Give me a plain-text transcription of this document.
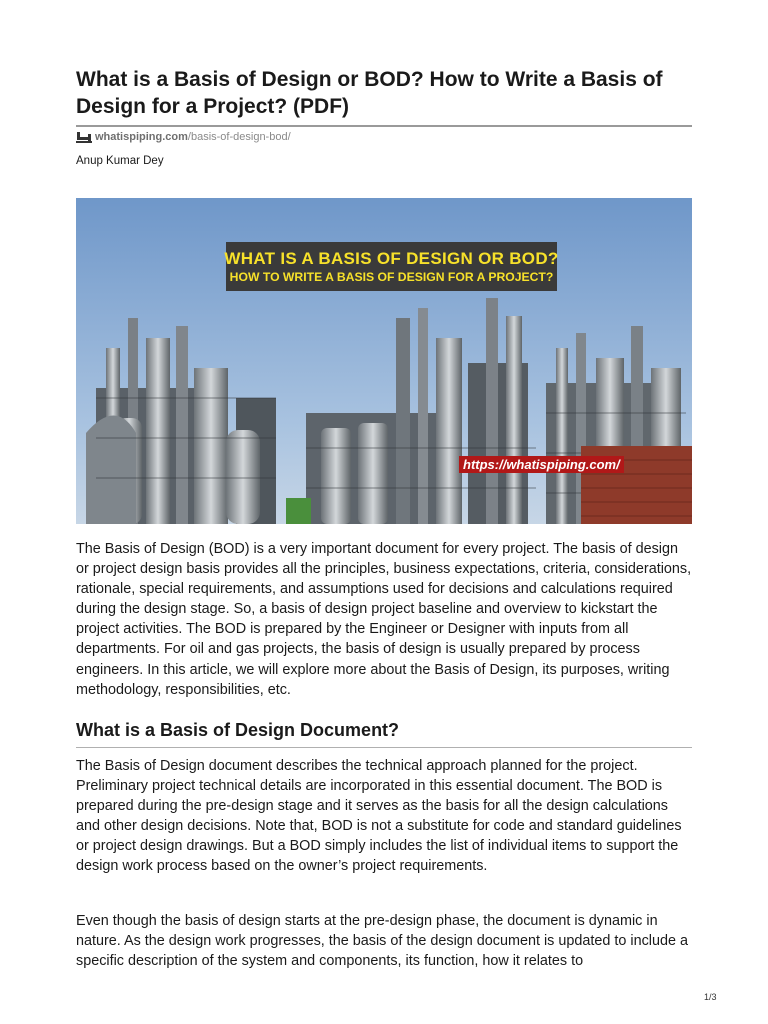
What is a Basis of Design or BOD? How to Write a Basis of Design for a Project? (PDF)
whatispiping.com /basis-of-design-bod/
Anup Kumar Dey
WHAT IS A BASIS OF DESIGN OR BOD?
HOW TO WRITE A BASIS OF DESIGN FOR A PROJECT?
https://whatispiping.com/

The Basis of Design (BOD) is a very important document for every project. The basis of design or project design basis provides all the principles, business expectations, criteria, considerations, rationale, special requirements, and assumptions used for decisions and calculations required during the design stage. So, a basis of design project baseline and overview to kickstart the project activities. The BOD is prepared by the Engineer or Designer with inputs from all departments. For oil and gas projects, the basis of design is usually prepared by process engineers. In this article, we will explore more about the Basis of Design, its purposes, writing methodology, responsibilities, etc.

What is a Basis of Design Document?

The Basis of Design document describes the technical approach planned for the project. Preliminary project technical details are incorporated in this essential document. The BOD is prepared during the pre-design stage and it serves as the basis for all the design calculations and other design decisions. Note that, BOD is not a substitute for code and standard guidelines or project design drawings. But a BOD simply includes the list of individual items to support the design work process based on the owner’s project requirements.

Even though the basis of design starts at the pre-design phase, the document is dynamic in nature. As the design work progresses, the basis of the design document is updated to include a specific description of the system and components, its function, how it relates to

1/3
